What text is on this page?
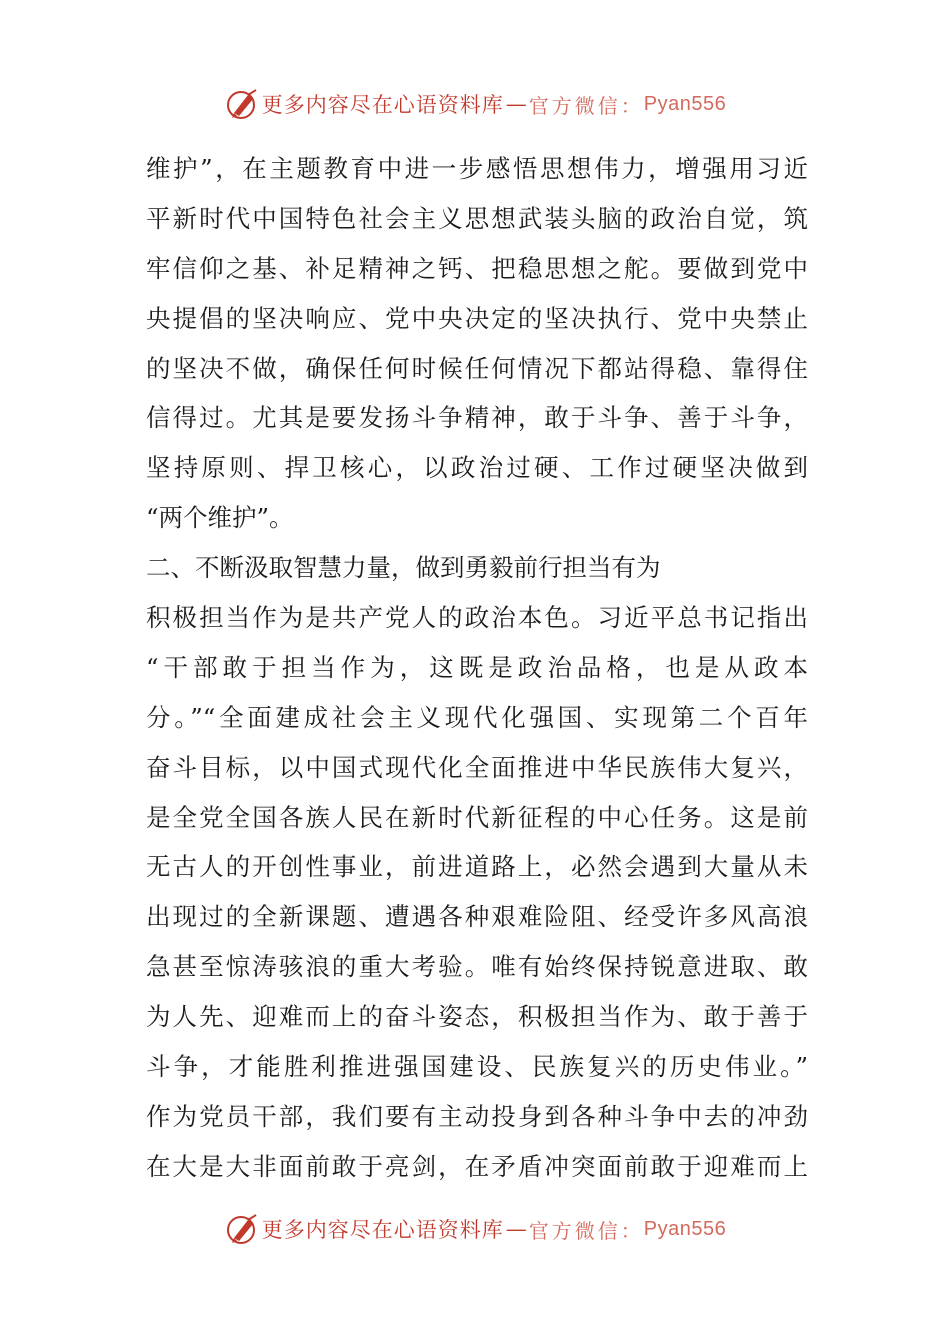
更多内容尽在心语资料库 — 官方微信： Pyan556
维护”，在主题教育中进一步感悟思想伟力，增强用习近
平新时代中国特色社会主义思想武装头脑的政治自觉，筑
牢信仰之基、补足精神之钙、把稳思想之舵。要做到党中
央提倡的坚决响应、党中央决定的坚决执行、党中央禁止
的坚决不做，确保任何时候任何情况下都站得稳、靠得住
信得过。尤其是要发扬斗争精神，敢于斗争、善于斗争，
坚持原则、捍卫核心，以政治过硬、工作过硬坚决做到
“两个维护”。
二、不断汲取智慧力量，做到勇毅前行担当有为
积极担当作为是共产党人的政治本色。习近平总书记指出
“干部敢于担当作为，这既是政治品格，也是从政本
分。”“全面建成社会主义现代化强国、实现第二个百年
奋斗目标，以中国式现代化全面推进中华民族伟大复兴，
是全党全国各族人民在新时代新征程的中心任务。这是前
无古人的开创性事业，前进道路上，必然会遇到大量从未
出现过的全新课题、遭遇各种艰难险阻、经受许多风高浪
急甚至惊涛骇浪的重大考验。唯有始终保持锐意进取、敢
为人先、迎难而上的奋斗姿态，积极担当作为、敢于善于
斗争，才能胜利推进强国建设、民族复兴的历史伟业。”
作为党员干部，我们要有主动投身到各种斗争中去的冲劲
在大是大非面前敢于亮剑，在矛盾冲突面前敢于迎难而上
更多内容尽在心语资料库 — 官方微信： Pyan556
